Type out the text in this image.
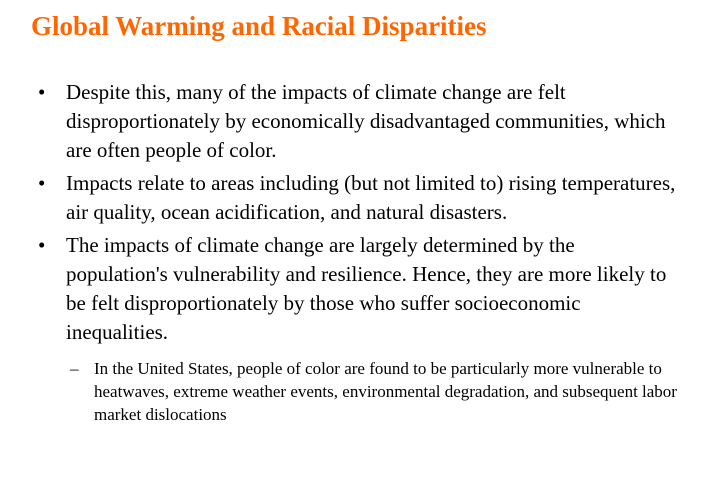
Global Warming and Racial Disparities
• Despite this, many of the impacts of climate change are felt disproportionately by economically disadvantaged communities, which are often people of color.
• Impacts relate to areas including (but not limited to) rising temperatures, air quality, ocean acidification, and natural disasters.
• The impacts of climate change are largely determined by the population's vulnerability and resilience. Hence, they are more likely to be felt disproportionately by those who suffer socioeconomic inequalities.
– In the United States, people of color are found to be particularly more vulnerable to heatwaves, extreme weather events, environmental degradation, and subsequent labor market dislocations
